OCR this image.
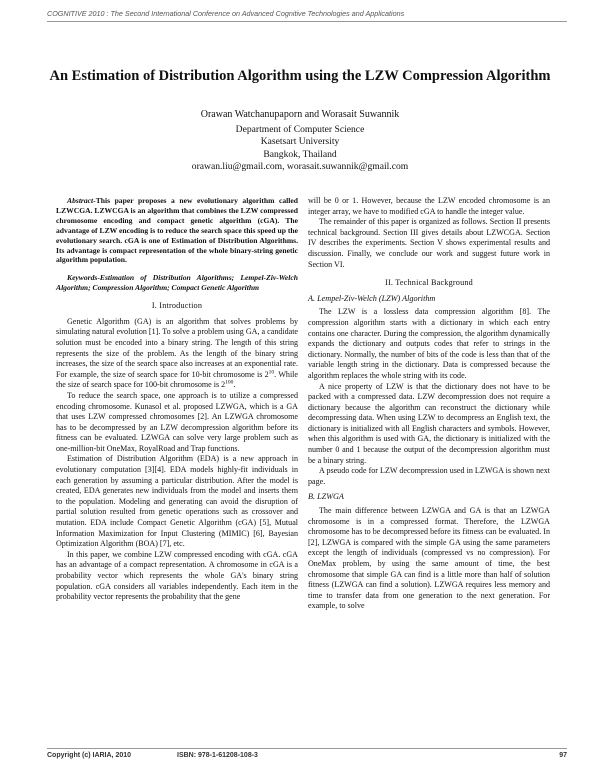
COGNITIVE 2010 : The Second International Conference on Advanced Cognitive Technologies and Applications
An Estimation of Distribution Algorithm using the LZW Compression Algorithm
Orawan Watchanupaporn and Worasait Suwannik
Department of Computer Science
Kasetsart University
Bangkok, Thailand
orawan.liu@gmail.com, worasait.suwannik@gmail.com

Abstract-This paper proposes a new evolutionary algorithm called LZWCGA. LZWCGA is an algorithm that combines the LZW compressed chromosome encoding and compact genetic algorithm (cGA). The advantage of LZW encoding is to reduce the search space this speed up the evolutionary search. cGA is one of Estimation of Distribution Algorithms. Its advantage is compact representation of the whole binary-string genetic algorithm population.

Keywords-Estimation of Distribution Algorithms; Lempel-Ziv-Welch Algorithm; Compression Algorithm; Compact Genetic Algorithm

I. Introduction

Genetic Algorithm (GA) is an algorithm that solves problems by simulating natural evolution [1]. To solve a problem using GA, a candidate solution must be encoded into a binary string. The length of this string represents the size of the problem. As the length of the binary string increases, the size of the search space also increases at an exponential rate. For example, the size of search space for 10-bit chromosome is $2^{10}$. While the size of search space for 100-bit chromosome is $2^{100}$.

To reduce the search space, one approach is to utilize a compressed encoding chromosome. Kunasol et al. proposed LZWGA, which is a GA that uses LZW compressed chromosomes [2]. An LZWGA chromosome has to be decompressed by an LZW decompression algorithm before its fitness can be evaluated. LZWGA can solve very large problem such as one-million-bit OneMax, RoyalRoad and Trap functions.

Estimation of Distribution Algorithm (EDA) is a new approach in evolutionary computation [3][4]. EDA models highly-fit individuals in each generation by assuming a particular distribution. After the model is created, EDA generates new individuals from the model and inserts them to the population. Modeling and generating can avoid the disruption of partial solution resulted from genetic operations such as crossover and mutation. EDA include Compact Genetic Algorithm (cGA) [5], Mutual Information Maximization for Input Clustering (MIMIC) [6], Bayesian Optimization Algorithm (BOA) [7], etc.

In this paper, we combine LZW compressed encoding with cGA. cGA has an advantage of a compact representation. A chromosome in cGA is a probability vector which represents the whole GA's binary string population. cGA considers all variables independently. Each item in the probability vector represents the probability that the gene

will be 0 or 1. However, because the LZW encoded chromosome is an integer array, we have to modified cGA to handle the integer value.

The remainder of this paper is organized as follows. Section II presents technical background. Section III gives details about LZWCGA. Section IV describes the experiments. Section V shows experimental results and discussion. Finally, we conclude our work and suggest future work in Section VI.

II. Technical Background
A. Lempel-Ziv-Welch (LZW) Algorithm

The LZW is a lossless data compression algorithm [8]. The compression algorithm starts with a dictionary in which each entry contains one character. During the compression, the algorithm dynamically expands the dictionary and outputs codes that refer to strings in the dictionary. Normally, the number of bits of the code is less than that of the variable length string in the dictionary. Data is compressed because the algorithm replaces the whole string with its code.

A nice property of LZW is that the dictionary does not have to be packed with a compressed data. LZW decompression does not require a dictionary because the algorithm can reconstruct the dictionary while decompressing data. When using LZW to decompress an English text, the dictionary is initialized with all English characters and symbols. However, when this algorithm is used with GA, the dictionary is initialized with the number 0 and 1 because the output of the decompression algorithm must be a binary string.

A pseudo code for LZW decompression used in LZWGA is shown next page.

B. LZWGA

The main difference between LZWGA and GA is that an LZWGA chromosome is in a compressed format. Therefore, the LZWGA chromosome has to be decompressed before its fitness can be evaluated. In [2], LZWGA is compared with the simple GA using the same parameters except the length of individuals (compressed vs no compression). For OneMax problem, by using the same amount of time, the best chromosome that simple GA can find is a little more than half of solution fitness (LZWGA can find a solution). LZWGA requires less memory and time to transfer data from one generation to the next generation. For example, to solve

Copyright (c) IARIA, 2010	ISBN: 978-1-61208-108-3	97
